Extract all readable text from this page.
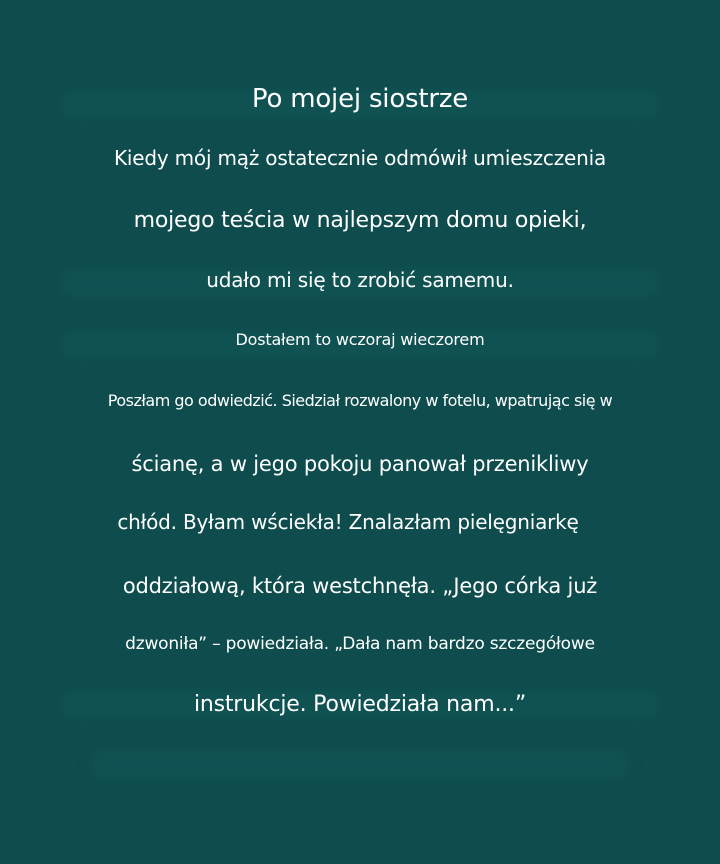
Po mojej siostrze
Kiedy mój mąż ostatecznie odmówił umieszczenia
mojego teścia w najlepszym domu opieki,
udało mi się to zrobić samemu.
Dostałem to wczoraj wieczorem
Poszłam go odwiedzić. Siedział rozwalony w fotelu, wpatrując się w
ścianę, a w jego pokoju panował przenikliwy
chłód. Byłam wściekła! Znalazłam pielęgniarkę
oddziałową, która westchnęła. „Jego córka już
dzwoniła” – powiedziała. „Dała nam bardzo szczegółowe
instrukcje. Powiedziała nam...”
